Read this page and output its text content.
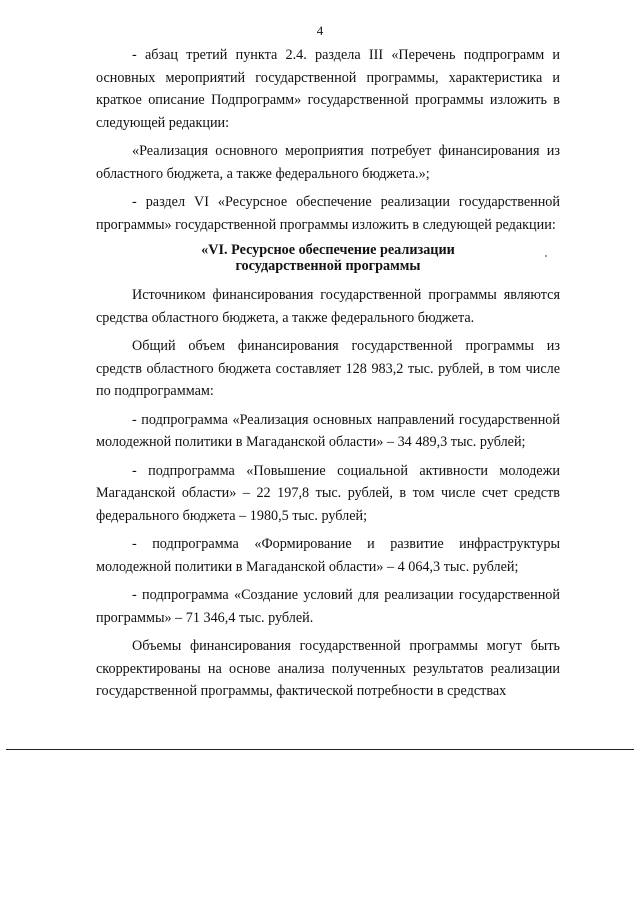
4

- абзац третий пункта 2.4. раздела III «Перечень подпрограмм и основных мероприятий государственной программы, характеристика и краткое описание Подпрограмм» государственной программы изложить в следующей редакции:

«Реализация основного мероприятия потребует финансирования из областного бюджета, а также федерального бюджета.»;

- раздел VI «Ресурсное обеспечение реализации государственной программы» государственной программы изложить в следующей редакции:

«VI. Ресурсное обеспечение реализации
государственной программы

Источником финансирования государственной программы являются средства областного бюджета, а также федерального бюджета.

Общий объем финансирования государственной программы из средств областного бюджета составляет 128 983,2 тыс. рублей, в том числе по подпрограммам:

- подпрограмма «Реализация основных направлений государственной молодежной политики в Магаданской области» – 34 489,3 тыс. рублей;

- подпрограмма «Повышение социальной активности молодежи Магаданской области» – 22 197,8 тыс. рублей, в том числе счет средств федерального бюджета – 1980,5 тыс. рублей;

- подпрограмма «Формирование и развитие инфраструктуры молодежной политики в Магаданской области» – 4 064,3 тыс. рублей;

- подпрограмма «Создание условий для реализации государственной программы» – 71 346,4 тыс. рублей.

Объемы финансирования государственной программы могут быть скорректированы на основе анализа полученных результатов реализации государственной программы, фактической потребности в средствах
